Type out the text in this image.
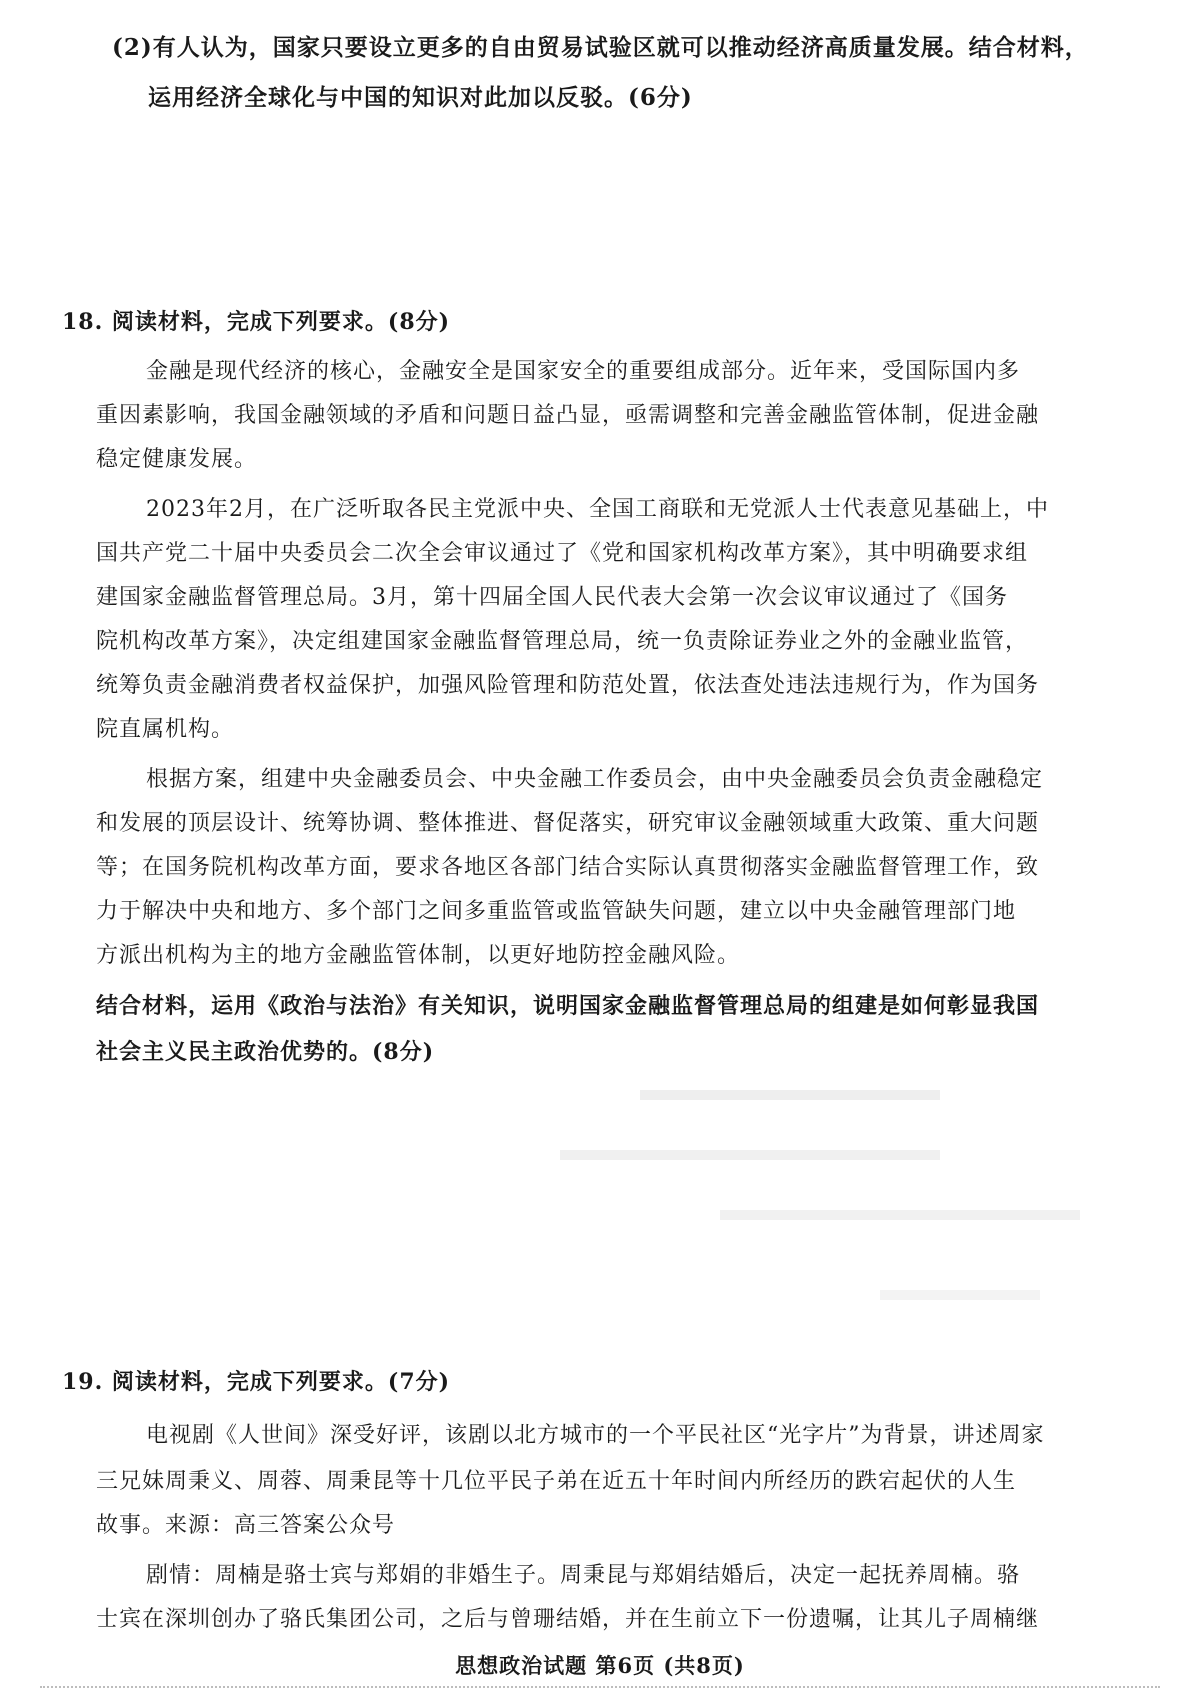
(2)有人认为，国家只要设立更多的自由贸易试验区就可以推动经济高质量发展。结合材料，
运用经济全球化与中国的知识对此加以反驳。(6分)
18. 阅读材料，完成下列要求。(8分)
金融是现代经济的核心，金融安全是国家安全的重要组成部分。近年来，受国际国内多
重因素影响，我国金融领域的矛盾和问题日益凸显，亟需调整和完善金融监管体制，促进金融
稳定健康发展。
2023年2月，在广泛听取各民主党派中央、全国工商联和无党派人士代表意见基础上，中
国共产党二十届中央委员会二次全会审议通过了《党和国家机构改革方案》，其中明确要求组
建国家金融监督管理总局。3月，第十四届全国人民代表大会第一次会议审议通过了《国务
院机构改革方案》，决定组建国家金融监督管理总局，统一负责除证券业之外的金融业监管，
统筹负责金融消费者权益保护，加强风险管理和防范处置，依法查处违法违规行为，作为国务
院直属机构。
根据方案，组建中央金融委员会、中央金融工作委员会，由中央金融委员会负责金融稳定
和发展的顶层设计、统筹协调、整体推进、督促落实，研究审议金融领域重大政策、重大问题
等；在国务院机构改革方面，要求各地区各部门结合实际认真贯彻落实金融监督管理工作，致
力于解决中央和地方、多个部门之间多重监管或监管缺失问题，建立以中央金融管理部门地
方派出机构为主的地方金融监管体制，以更好地防控金融风险。
结合材料，运用《政治与法治》有关知识，说明国家金融监督管理总局的组建是如何彰显我国
社会主义民主政治优势的。(8分)
19. 阅读材料，完成下列要求。(7分)
电视剧《人世间》深受好评，该剧以北方城市的一个平民社区“光字片”为背景，讲述周家
三兄妹周秉义、周蓉、周秉昆等十几位平民子弟在近五十年时间内所经历的跌宕起伏的人生
故事。来源：高三答案公众号
剧情：周楠是骆士宾与郑娟的非婚生子。周秉昆与郑娟结婚后，决定一起抚养周楠。骆
士宾在深圳创办了骆氏集团公司，之后与曾珊结婚，并在生前立下一份遗嘱，让其儿子周楠继
思想政治试题 第6页 (共8页)
